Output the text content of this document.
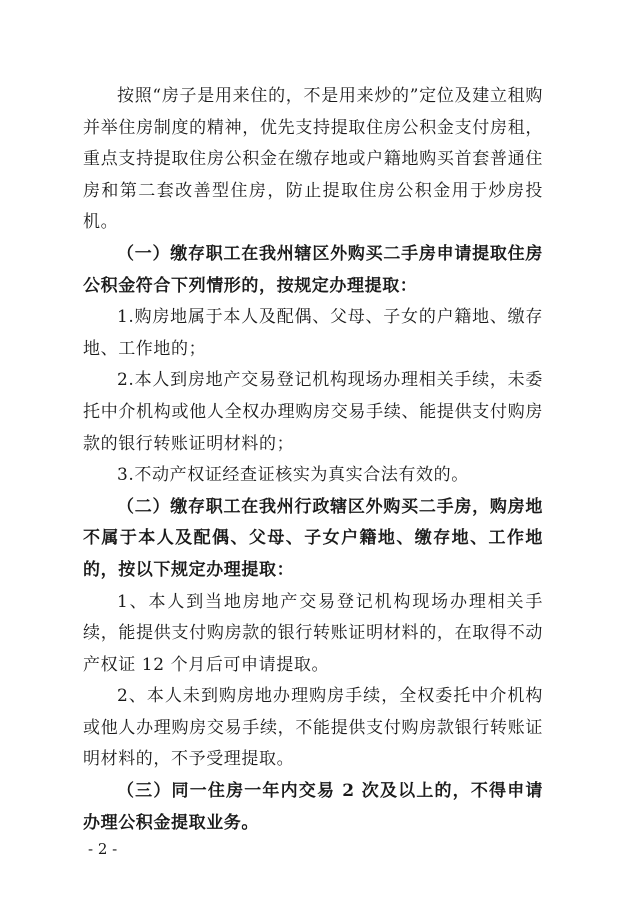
按照“房子是用来住的，不是用来炒的”定位及建立租购并举住房制度的精神，优先支持提取住房公积金支付房租，重点支持提取住房公积金在缴存地或户籍地购买首套普通住房和第二套改善型住房，防止提取住房公积金用于炒房投机。

（一）缴存职工在我州辖区外购买二手房申请提取住房公积金符合下列情形的，按规定办理提取：

1.购房地属于本人及配偶、父母、子女的户籍地、缴存地、工作地的；

2.本人到房地产交易登记机构现场办理相关手续，未委托中介机构或他人全权办理购房交易手续、能提供支付购房款的银行转账证明材料的；

3.不动产权证经查证核实为真实合法有效的。

（二）缴存职工在我州行政辖区外购买二手房，购房地不属于本人及配偶、父母、子女户籍地、缴存地、工作地的，按以下规定办理提取：

1、本人到当地房地产交易登记机构现场办理相关手续，能提供支付购房款的银行转账证明材料的，在取得不动产权证 12 个月后可申请提取。

2、本人未到购房地办理购房手续，全权委托中介机构或他人办理购房交易手续，不能提供支付购房款银行转账证明材料的，不予受理提取。

（三）同一住房一年内交易 2 次及以上的，不得申请办理公积金提取业务。

- 2 -
